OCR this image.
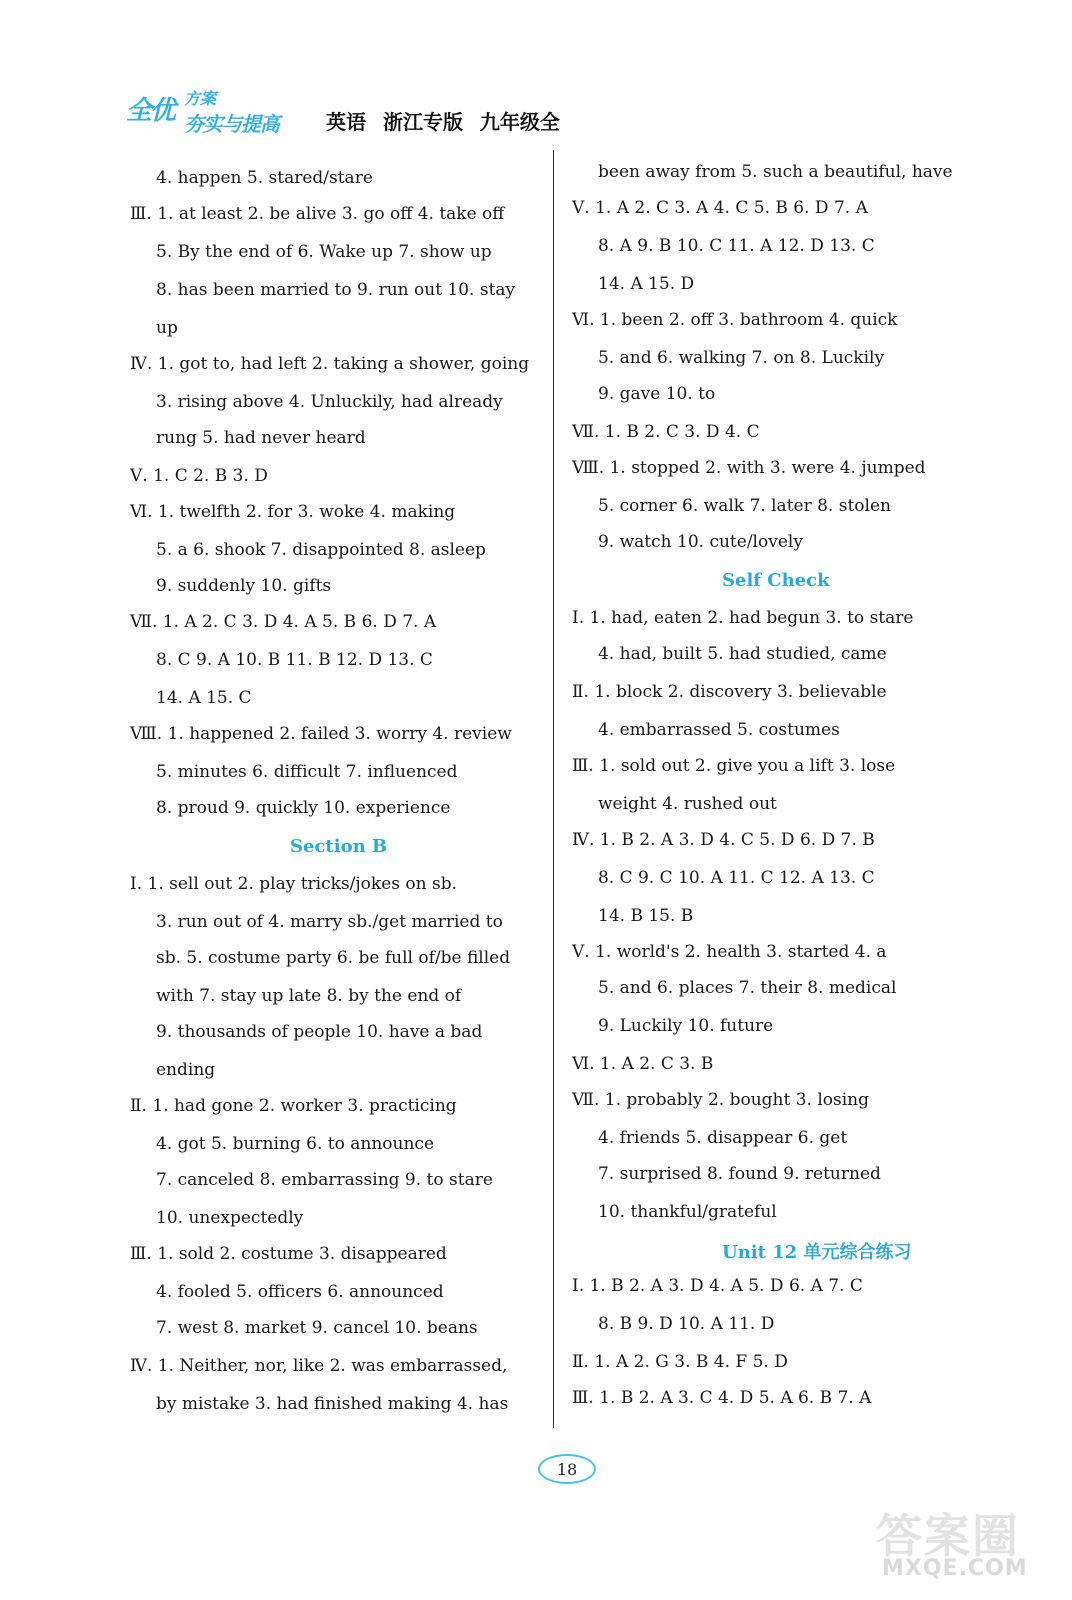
全优 方案
夯实与提高 英语 浙江专版 九年级全
4. happen 5. stared/stare
Ⅲ. 1. at least 2. be alive 3. go off 4. take off
5. By the end of 6. Wake up 7. show up
8. has been married to 9. run out 10. stay
up
Ⅳ. 1. got to, had left 2. taking a shower, going
3. rising above 4. Unluckily, had already
rung 5. had never heard
Ⅴ. 1. C 2. B 3. D
Ⅵ. 1. twelfth 2. for 3. woke 4. making
5. a 6. shook 7. disappointed 8. asleep
9. suddenly 10. gifts
Ⅶ. 1. A 2. C 3. D 4. A 5. B 6. D 7. A
8. C 9. A 10. B 11. B 12. D 13. C
14. A 15. C
Ⅷ. 1. happened 2. failed 3. worry 4. review
5. minutes 6. difficult 7. influenced
8. proud 9. quickly 10. experience
Section B
Ⅰ. 1. sell out 2. play tricks/jokes on sb.
3. run out of 4. marry sb./get married to
sb. 5. costume party 6. be full of/be filled
with 7. stay up late 8. by the end of
9. thousands of people 10. have a bad
ending
Ⅱ. 1. had gone 2. worker 3. practicing
4. got 5. burning 6. to announce
7. canceled 8. embarrassing 9. to stare
10. unexpectedly
Ⅲ. 1. sold 2. costume 3. disappeared
4. fooled 5. officers 6. announced
7. west 8. market 9. cancel 10. beans
Ⅳ. 1. Neither, nor, like 2. was embarrassed,
by mistake 3. had finished making 4. has
been away from 5. such a beautiful, have
Ⅴ. 1. A 2. C 3. A 4. C 5. B 6. D 7. A
8. A 9. B 10. C 11. A 12. D 13. C
14. A 15. D
Ⅵ. 1. been 2. off 3. bathroom 4. quick
5. and 6. walking 7. on 8. Luckily
9. gave 10. to
Ⅶ. 1. B 2. C 3. D 4. C
Ⅷ. 1. stopped 2. with 3. were 4. jumped
5. corner 6. walk 7. later 8. stolen
9. watch 10. cute/lovely
Self Check
Ⅰ. 1. had, eaten 2. had begun 3. to stare
4. had, built 5. had studied, came
Ⅱ. 1. block 2. discovery 3. believable
4. embarrassed 5. costumes
Ⅲ. 1. sold out 2. give you a lift 3. lose
weight 4. rushed out
Ⅳ. 1. B 2. A 3. D 4. C 5. D 6. D 7. B
8. C 9. C 10. A 11. C 12. A 13. C
14. B 15. B
Ⅴ. 1. world's 2. health 3. started 4. a
5. and 6. places 7. their 8. medical
9. Luckily 10. future
Ⅵ. 1. A 2. C 3. B
Ⅶ. 1. probably 2. bought 3. losing
4. friends 5. disappear 6. get
7. surprised 8. found 9. returned
10. thankful/grateful
Unit 12 单元综合练习
Ⅰ. 1. B 2. A 3. D 4. A 5. D 6. A 7. C
8. B 9. D 10. A 11. D
Ⅱ. 1. A 2. G 3. B 4. F 5. D
Ⅲ. 1. B 2. A 3. C 4. D 5. A 6. B 7. A
18
答案圈
MXQE.COM
